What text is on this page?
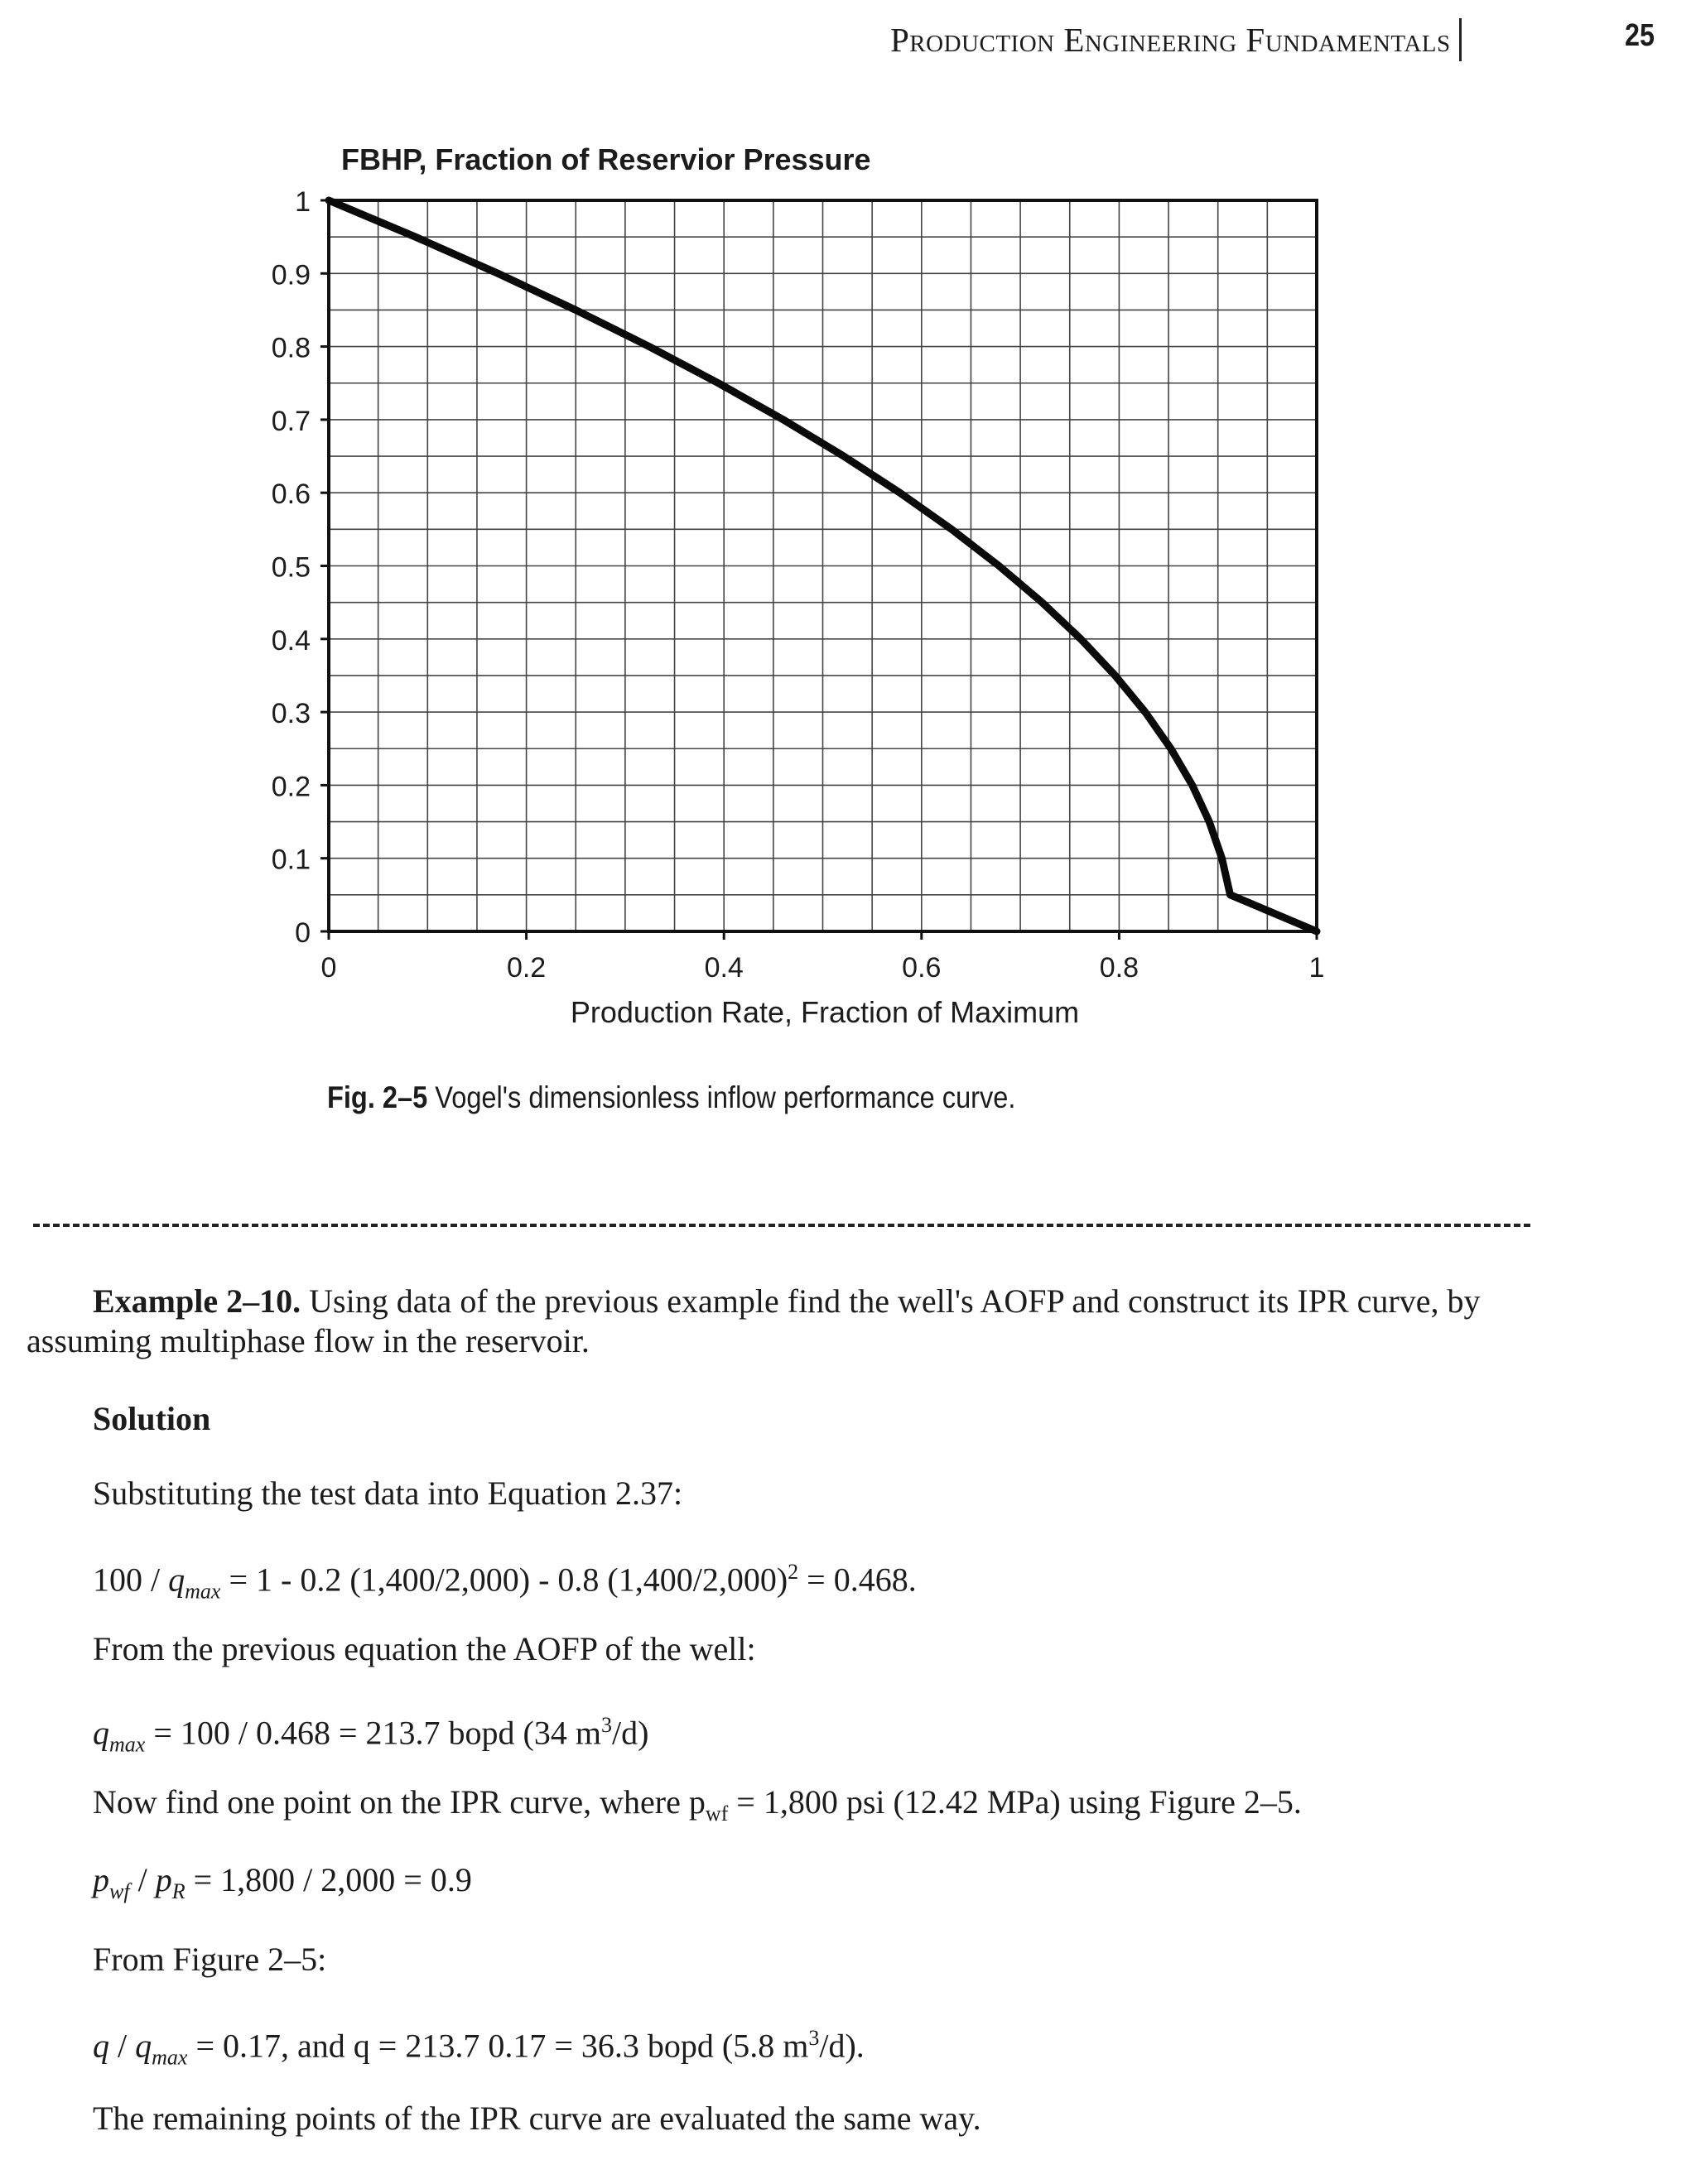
Production Engineering Fundamentals	25
FBHP, Fraction of Reservior Pressure
0
0.1
0.2
0.3
0.4
0.5
0.6
0.7
0.8
0.9
1
0	0.2	0.4	0.6	0.8	1
Production Rate, Fraction of Maximum
Fig. 2–5 Vogel's dimensionless inflow performance curve.
Example 2–10. Using data of the previous example find the well's AOFP and construct its IPR curve, by
assuming multiphase flow in the reservoir.
Solution
Substituting the test data into Equation 2.37:
$100 / q_{max} = 1 - 0.2$ (1,400/2,000) - 0.8 $(1,400/2,000)^2 = 0.468$.
From the previous equation the AOFP of the well:
$q_{max} = 100 / 0.468 = 213.7$ bopd (34 $m^3/d$)
Now find one point on the IPR curve, where $p_{wf} = 1,800$ psi (12.42 MPa) using Figure 2–5.
$p_{wf} / p_R = 1,800 / 2,000 = 0.9$
From Figure 2–5:
$q / q_{max} = 0.17$, and q = 213.7 0.17 = 36.3 bopd (5.8 $m^3/d$).
The remaining points of the IPR curve are evaluated the same way.
